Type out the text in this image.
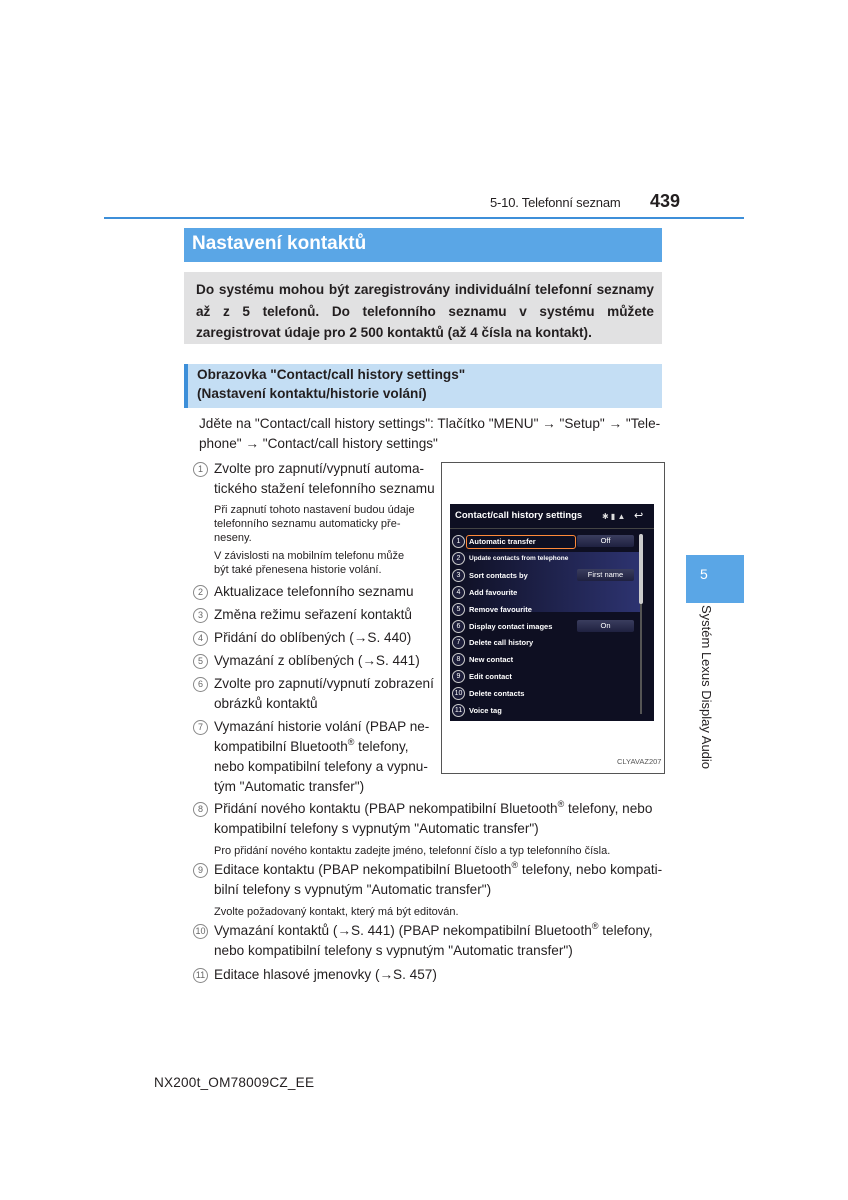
5-10. Telefonní seznam 439
Nastavení kontaktů

Do systému mohou být zaregistrovány individuální telefonní seznamy až z 5 telefonů. Do telefonního seznamu v systému můžete zaregistrovat údaje pro 2 500 kontaktů (až 4 čísla na kontakt).

Obrazovka "Contact/call history settings"
(Nastavení kontaktu/historie volání)
Jděte na "Contact/call history settings": Tlačítko "MENU" → "Setup" → "Tele-
phone" → "Contact/call history settings"
1 Zvolte pro zapnutí/vypnutí automa-
tického stažení telefonního seznamu
Při zapnutí tohoto nastavení budou údaje
telefonního seznamu automaticky pře-
neseny.
V závislosti na mobilním telefonu může
být také přenesena historie volání.
2 Aktualizace telefonního seznamu
3 Změna režimu seřazení kontaktů
4 Přidání do oblíbených (→S. 440)
5 Vymazání z oblíbených (→S. 441)
6 Zvolte pro zapnutí/vypnutí zobrazení
obrázků kontaktů
7 Vymazání historie volání (PBAP ne-
kompatibilní Bluetooth® telefony,
nebo kompatibilní telefony a vypnu-
tým "Automatic transfer")
8 Přidání nového kontaktu (PBAP nekompatibilní Bluetooth® telefony, nebo
kompatibilní telefony s vypnutým "Automatic transfer")
Pro přidání nového kontaktu zadejte jméno, telefonní číslo a typ telefonního čísla.
9 Editace kontaktu (PBAP nekompatibilní Bluetooth® telefony, nebo kompati-
bilní telefony s vypnutým "Automatic transfer")
Zvolte požadovaný kontakt, který má být editován.
10 Vymazání kontaktů (→S. 441) (PBAP nekompatibilní Bluetooth® telefony,
nebo kompatibilní telefony s vypnutým "Automatic transfer")
11 Editace hlasové jmenovky (→S. 457)
Contact/call history settings ✱ ▮ ▲ ↩
1	Automatic transfer	Off
2	Update contacts from telephone
3	Sort contacts by	First name
4	Add favourite
5	Remove favourite
6	Display contact images	On
7	Delete call history
8	New contact
9	Edit contact
10 Delete contacts
11 Voice tag
CLYAVAZ207
5
Systém Lexus Display Audio
NX200t_OM78009CZ_EE
